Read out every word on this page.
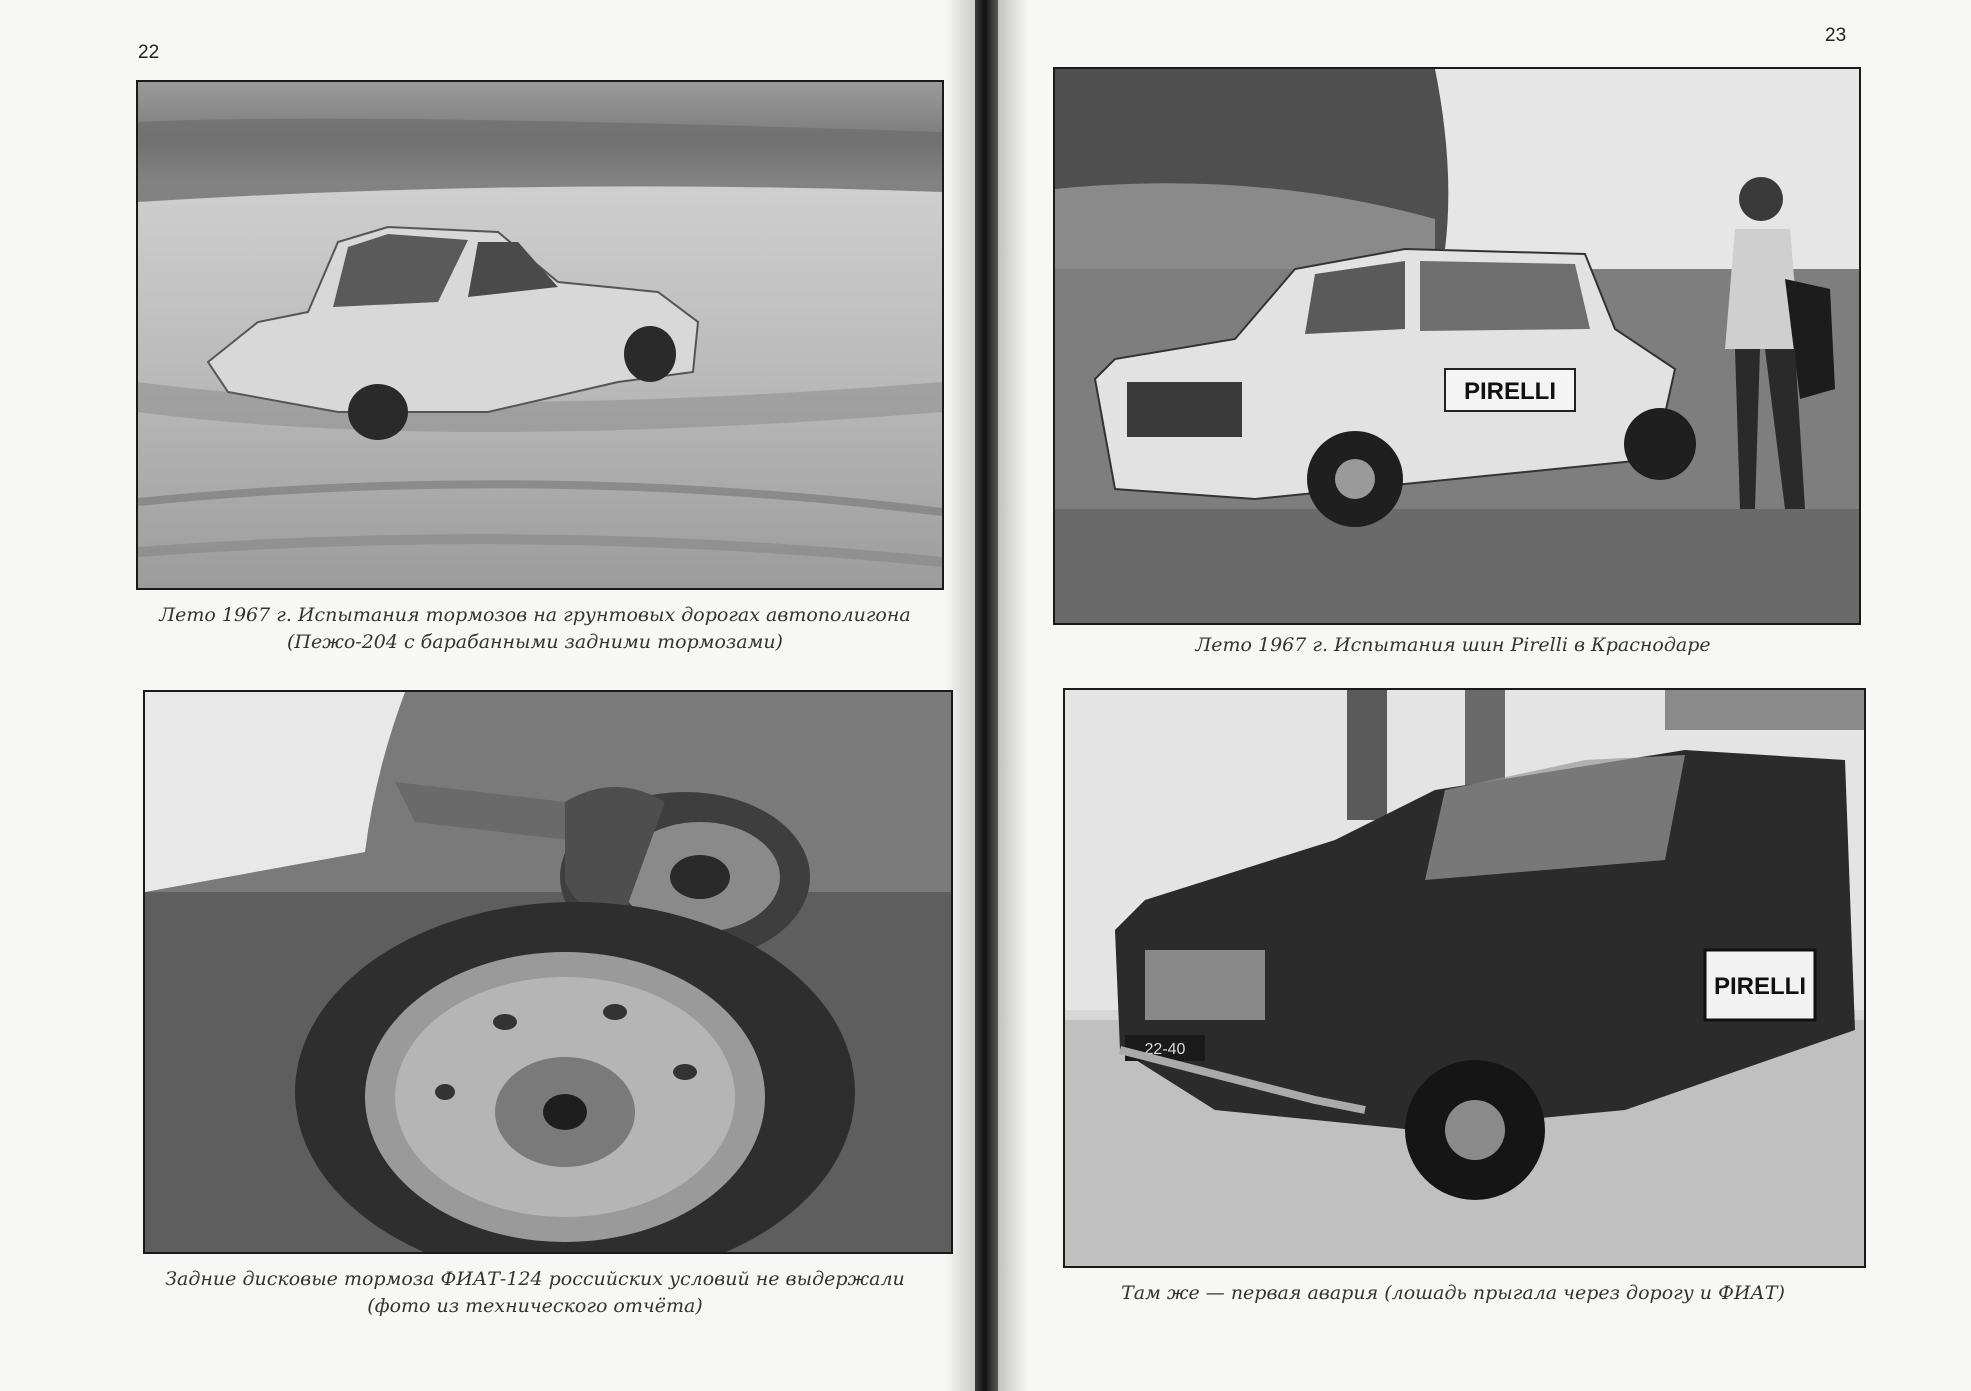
22
Лето 1967 г. Испытания тормозов на грунтовых дорогах автополигона
(Пежо-204 с барабанными задними тормозами)
Задние дисковые тормоза ФИАТ-124 российских условий не выдержали
(фото из технического отчёта)
23
PIRELLI
Лето 1967 г. Испытания шин Pirelli в Краснодаре
PIRELLI
22-40
Там же — первая авария (лошадь прыгала через дорогу и ФИАТ)
